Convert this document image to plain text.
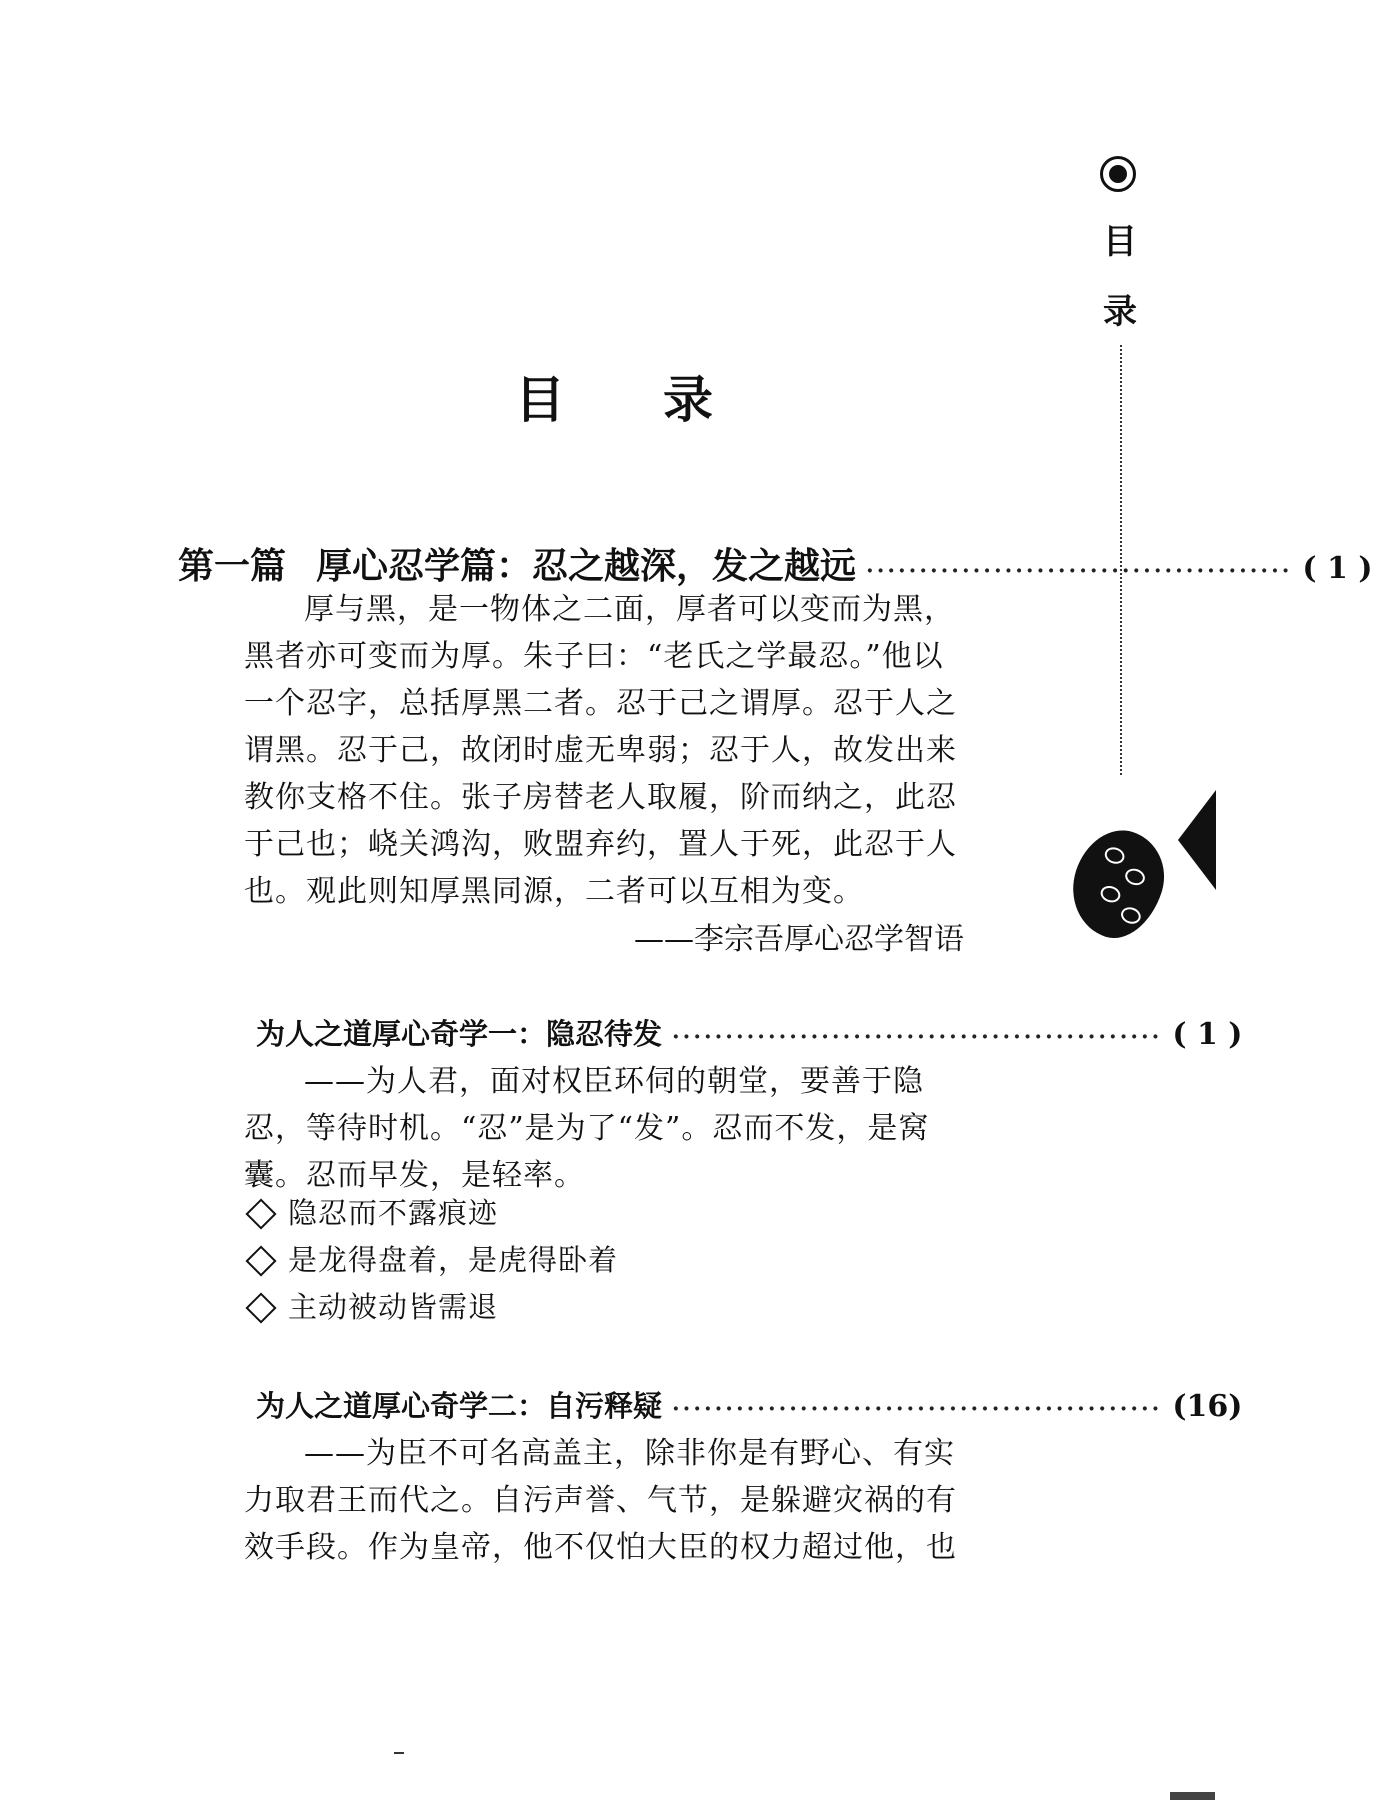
目
录
目 录
第一篇 厚心忍学篇：忍之越深，发之越远 ········································ ( 1 )

厚与黑，是一物体之二面，厚者可以变而为黑，黑者亦可变而为厚。朱子曰：“老氏之学最忍。”他以一个忍字，总括厚黑二者。忍于己之谓厚。忍于人之谓黑。忍于己，故闭时虚无卑弱；忍于人，故发出来教你支格不住。张子房替老人取履，阶而纳之，此忍于己也；峣关鸿沟，败盟弃约，置人于死，此忍于人也。观此则知厚黑同源，二者可以互相为变。

——李宗吾厚心忍学智语
为人之道厚心奇学一：隐忍待发 ·············································· ( 1 )

——为人君，面对权臣环伺的朝堂，要善于隐忍，等待时机。“忍”是为了“发”。忍而不发，是窝囊。忍而早发，是轻率。

隐忍而不露痕迹
是龙得盘着，是虎得卧着
主动被动皆需退
为人之道厚心奇学二：自污释疑 ·············································· (16)

——为臣不可名高盖主，除非你是有野心、有实力取君王而代之。自污声誉、气节，是躲避灾祸的有效手段。作为皇帝，他不仅怕大臣的权力超过他，也
